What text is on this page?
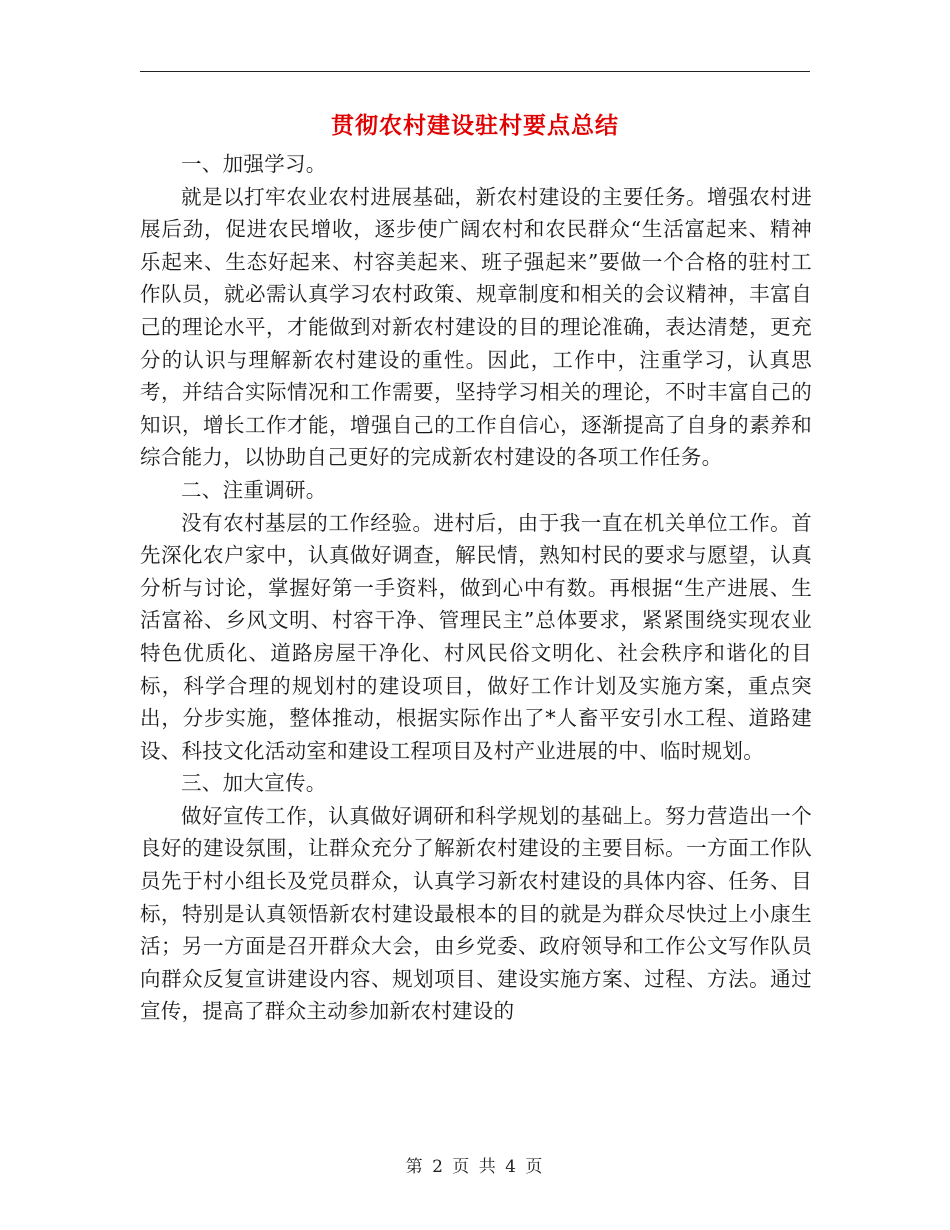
贯彻农村建设驻村要点总结

一、加强学习。

就是以打牢农业农村进展基础，新农村建设的主要任务。增强农村进展后劲，促进农民增收，逐步使广阔农村和农民群众“生活富起来、精神乐起来、生态好起来、村容美起来、班子强起来”要做一个合格的驻村工作队员，就必需认真学习农村政策、规章制度和相关的会议精神，丰富自己的理论水平，才能做到对新农村建设的目的理论准确，表达清楚，更充分的认识与理解新农村建设的重性。因此，工作中，注重学习，认真思考，并结合实际情况和工作需要，坚持学习相关的理论，不时丰富自己的知识，增长工作才能，增强自己的工作自信心，逐渐提高了自身的素养和综合能力，以协助自己更好的完成新农村建设的各项工作任务。

二、注重调研。

没有农村基层的工作经验。进村后，由于我一直在机关单位工作。首先深化农户家中，认真做好调查，解民情，熟知村民的要求与愿望，认真分析与讨论，掌握好第一手资料，做到心中有数。再根据“生产进展、生活富裕、乡风文明、村容干净、管理民主”总体要求，紧紧围绕实现农业特色优质化、道路房屋干净化、村风民俗文明化、社会秩序和谐化的目标，科学合理的规划村的建设项目，做好工作计划及实施方案，重点突出，分步实施，整体推动，根据实际作出了*人畜平安引水工程、道路建设、科技文化活动室和建设工程项目及村产业进展的中、临时规划。

三、加大宣传。

做好宣传工作，认真做好调研和科学规划的基础上。努力营造出一个良好的建设氛围，让群众充分了解新农村建设的主要目标。一方面工作队员先于村小组长及党员群众，认真学习新农村建设的具体内容、任务、目标，特别是认真领悟新农村建设最根本的目的就是为群众尽快过上小康生活；另一方面是召开群众大会，由乡党委、政府领导和工作公文写作队员向群众反复宣讲建设内容、规划项目、建设实施方案、过程、方法。通过宣传，提高了群众主动参加新农村建设的

第 2 页 共 4 页
